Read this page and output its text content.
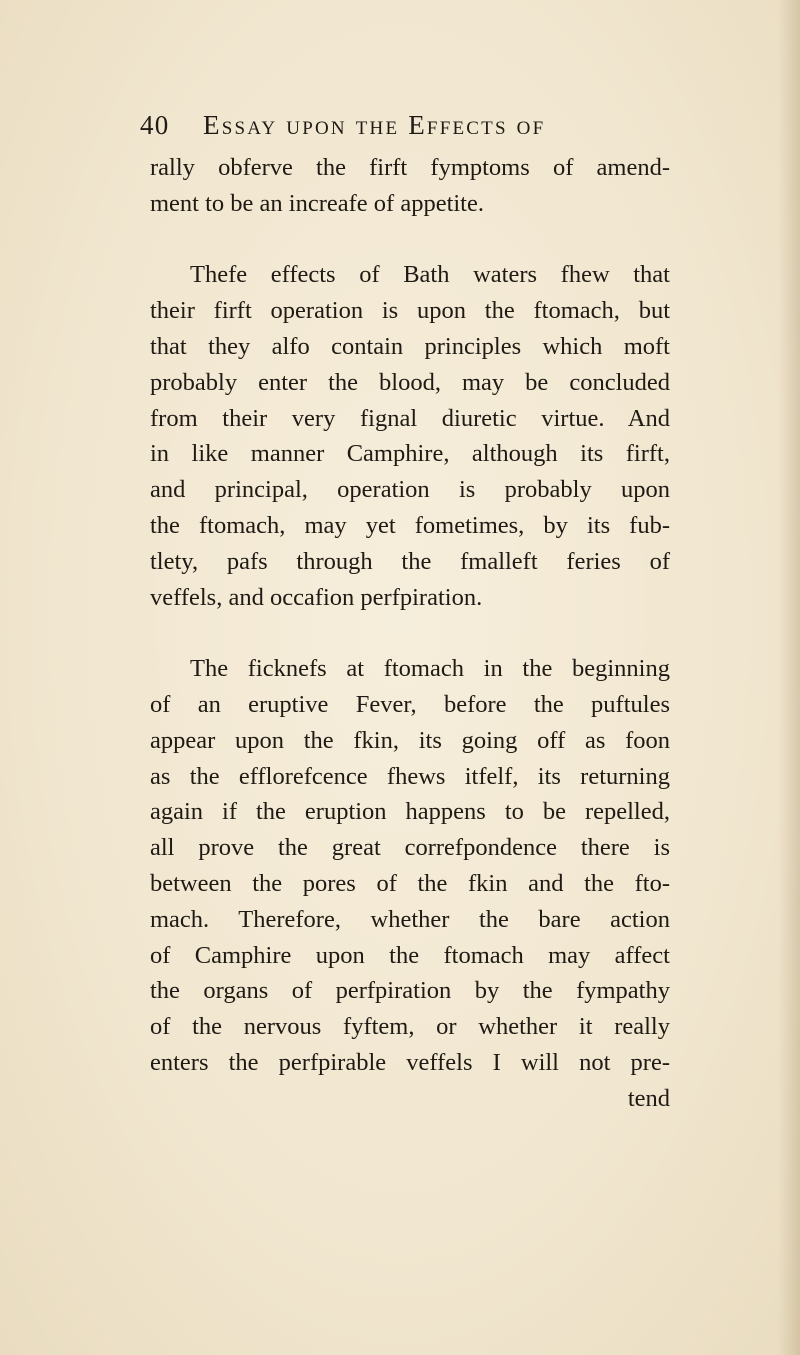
40 Essay upon the Effects of
rally obferve the firft fymptoms of amend-
ment to be an increafe of appetite.
Thefe effects of Bath waters fhew that
their firft operation is upon the ftomach, but
that they alfo contain principles which moft
probably enter the blood, may be concluded
from their very fignal diuretic virtue. And
in like manner Camphire, although its firft,
and principal, operation is probably upon
the ftomach, may yet fometimes, by its fub-
tlety, pafs through the fmalleft feries of
veffels, and occafion perfpiration.
The ficknefs at ftomach in the beginning
of an eruptive Fever, before the puftules
appear upon the fkin, its going off as foon
as the efflorefcence fhews itfelf, its returning
again if the eruption happens to be repelled,
all prove the great correfpondence there is
between the pores of the fkin and the fto-
mach. Therefore, whether the bare action
of Camphire upon the ftomach may affect
the organs of perfpiration by the fympathy
of the nervous fyftem, or whether it really
enters the perfpirable veffels I will not pre-
tend
